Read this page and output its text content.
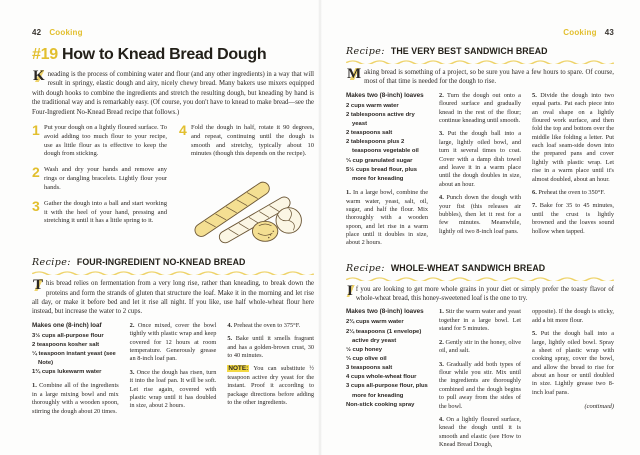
42 Cooking
#19 How to Knead Bread Dough

K neading is the process of combining water and flour (and any other ingredients) in a way that will result in springy, elastic dough and airy, nicely chewy bread. Many bakers use mixers equipped with dough hooks to combine the ingredients and stretch the resulting dough, but kneading by hand is the traditional way and is remarkably easy. (Of course, you don't have to knead to make bread—see the Four-Ingredient No-Knead Bread recipe that follows.)

1 Put your dough on a lightly floured surface. To avoid adding too much flour to your recipe, use as little flour as is effective to keep the dough from sticking.

2 Wash and dry your hands and remove any rings or dangling bracelets. Lightly flour your hands.

3 Gather the dough into a ball and start working it with the heel of your hand, pressing and stretching it until it has a little spring to it.

4 Fold the dough in half, rotate it 90 degrees, and repeat, continuing until the dough is smooth and stretchy, typically about 10 minutes (though this depends on the recipe).

Recipe: FOUR-INGREDIENT NO-KNEAD BREAD

T his bread relies on fermentation from a very long rise, rather than kneading, to break down the proteins and form the strands of gluten that structure the loaf. Make it in the morning and let rise all day, or make it before bed and let it rise all night. If you like, use half whole-wheat flour here instead, but increase the water to 2 cups.

Makes one (8-inch) loaf

3½ cups all-purpose flour
2 teaspoons kosher salt
¼ teaspoon instant yeast (see Note)
1¾ cups lukewarm water

1. Combine all of the ingredients in a large mixing bowl and mix thoroughly with a wooden spoon, stirring the dough about 20 times.

2. Once mixed, cover the bowl tightly with plastic wrap and keep covered for 12 hours at room temperature. Generously grease an 8-inch loaf pan.

3. Once the dough has risen, turn it into the loaf pan. It will be soft. Let rise again, covered with plastic wrap until it has doubled in size, about 2 hours.

4. Preheat the oven to 375°F.

5. Bake until it smells fragrant and has a golden-brown crust, 30 to 40 minutes.

NOTE: You can substitute ½ teaspoon active dry yeast for the instant. Proof it according to package directions before adding to the other ingredients.

Cooking 43
Recipe: THE VERY BEST SANDWICH BREAD

M aking bread is something of a project, so be sure you have a few hours to spare. Of course, most of that time is needed for the dough to rise.

Makes two (8-inch) loaves

2 cups warm water
2 tablespoons active dry yeast
2 teaspoons salt
2 tablespoons plus 2 teaspoons vegetable oil
⅓ cup granulated sugar
5½ cups bread flour, plus more for kneading

1. In a large bowl, combine the warm water, yeast, salt, oil, sugar, and half the flour. Mix thoroughly with a wooden spoon, and let rise in a warm place until it doubles in size, about 2 hours.

2. Turn the dough out onto a floured surface and gradually knead in the rest of the flour; continue kneading until smooth.

3. Put the dough ball into a large, lightly oiled bowl, and turn it several times to coat. Cover with a damp dish towel and leave it in a warm place until the dough doubles in size, about an hour.

4. Punch down the dough with your fist (this releases air bubbles), then let it rest for a few minutes. Meanwhile, lightly oil two 8-inch loaf pans.

5. Divide the dough into two equal parts. Pat each piece into an oval shape on a lightly floured work surface, and then fold the top and bottom over the middle like folding a letter. Put each loaf seam-side down into the prepared pans and cover lightly with plastic wrap. Let rise in a warm place until it's almost doubled, about an hour.

6. Preheat the oven to 350°F.

7. Bake for 35 to 45 minutes, until the crust is lightly browned and the loaves sound hollow when tapped.

Recipe: WHOLE-WHEAT SANDWICH BREAD

I f you are looking to get more whole grains in your diet or simply prefer the toasty flavor of whole-wheat bread, this honey-sweetened loaf is the one to try.

Makes two (8-inch) loaves

2¾ cups warm water
2¼ teaspoons (1 envelope) active dry yeast
½ cup honey
⅓ cup olive oil
3 teaspoons salt
4 cups whole-wheat flour
3 cups all-purpose flour, plus more for kneading
Non-stick cooking spray

1. Stir the warm water and yeast together in a large bowl. Let stand for 5 minutes.

2. Gently stir in the honey, olive oil, and salt.

3. Gradually add both types of flour while you stir. Mix until the ingredients are thoroughly combined and the dough begins to pull away from the sides of the bowl.

4. On a lightly floured surface, knead the dough until it is smooth and elastic (see How to Knead Bread Dough,

opposite). If the dough is sticky, add a bit more flour.

5. Put the dough ball into a large, lightly oiled bowl. Spray a sheet of plastic wrap with cooking spray, cover the bowl, and allow the bread to rise for about an hour or until doubled in size. Lightly grease two 8-inch loaf pans.

(continued)
